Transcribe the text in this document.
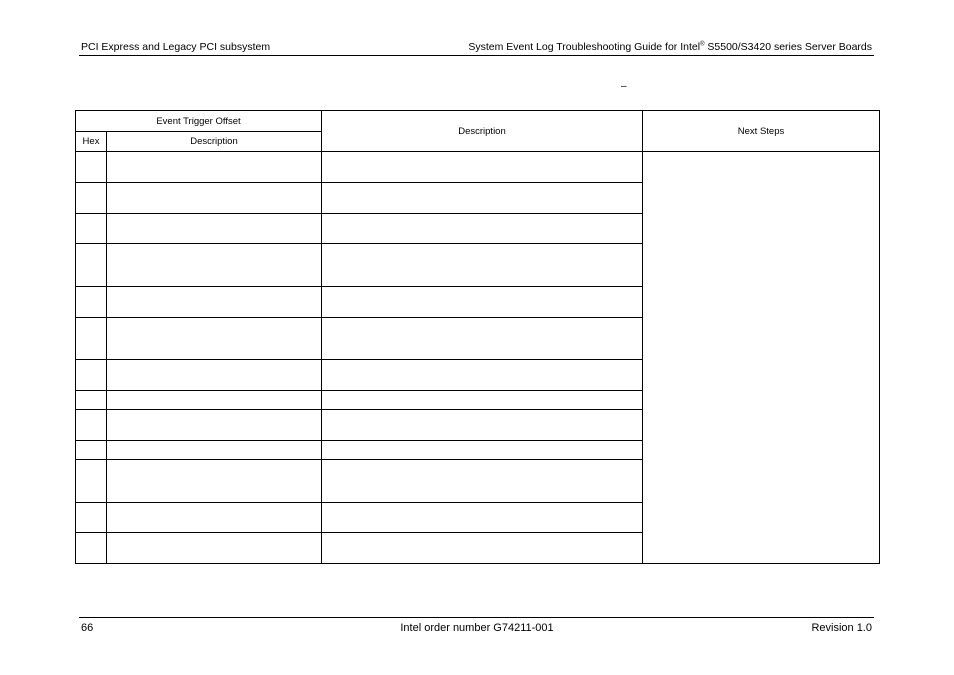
PCI Express and Legacy PCI subsystem	System Event Log Troubleshooting Guide for Intel® S5500/S3420 series Server Boards
–
Event Trigger Offset		Description	Next Steps
Hex	Description		

66	Intel order number G74211-001	Revision 1.0
